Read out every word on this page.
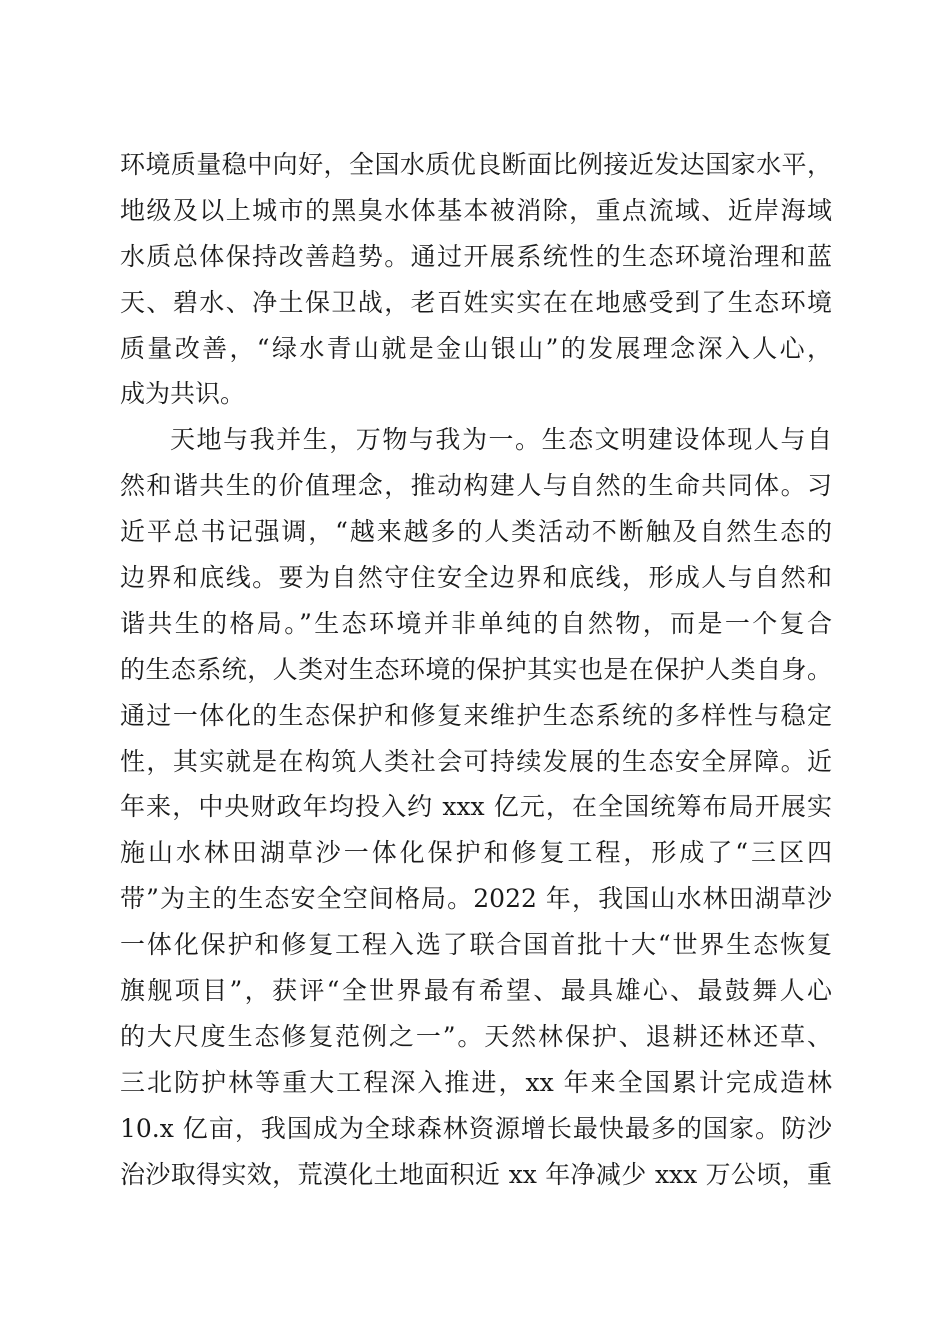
环境质量稳中向好，全国水质优良断面比例接近发达国家水平，
地级及以上城市的黑臭水体基本被消除，重点流域、近岸海域
水质总体保持改善趋势。通过开展系统性的生态环境治理和蓝
天、碧水、净土保卫战，老百姓实实在在地感受到了生态环境
质量改善，“绿水青山就是金山银山”的发展理念深入人心，
成为共识。
天地与我并生，万物与我为一。生态文明建设体现人与自
然和谐共生的价值理念，推动构建人与自然的生命共同体。习
近平总书记强调，“越来越多的人类活动不断触及自然生态的
边界和底线。要为自然守住安全边界和底线，形成人与自然和
谐共生的格局。”生态环境并非单纯的自然物，而是一个复合
的生态系统，人类对生态环境的保护其实也是在保护人类自身。
通过一体化的生态保护和修复来维护生态系统的多样性与稳定
性，其实就是在构筑人类社会可持续发展的生态安全屏障。近
年来，中央财政年均投入约 xxx 亿元，在全国统筹布局开展实
施山水林田湖草沙一体化保护和修复工程，形成了“三区四
带”为主的生态安全空间格局。2022 年，我国山水林田湖草沙
一体化保护和修复工程入选了联合国首批十大“世界生态恢复
旗舰项目”，获评“全世界最有希望、最具雄心、最鼓舞人心
的大尺度生态修复范例之一”。天然林保护、退耕还林还草、
三北防护林等重大工程深入推进，xx 年来全国累计完成造林
10.x 亿亩，我国成为全球森林资源增长最快最多的国家。防沙
治沙取得实效，荒漠化土地面积近 xx 年净减少 xxx 万公顷，重
